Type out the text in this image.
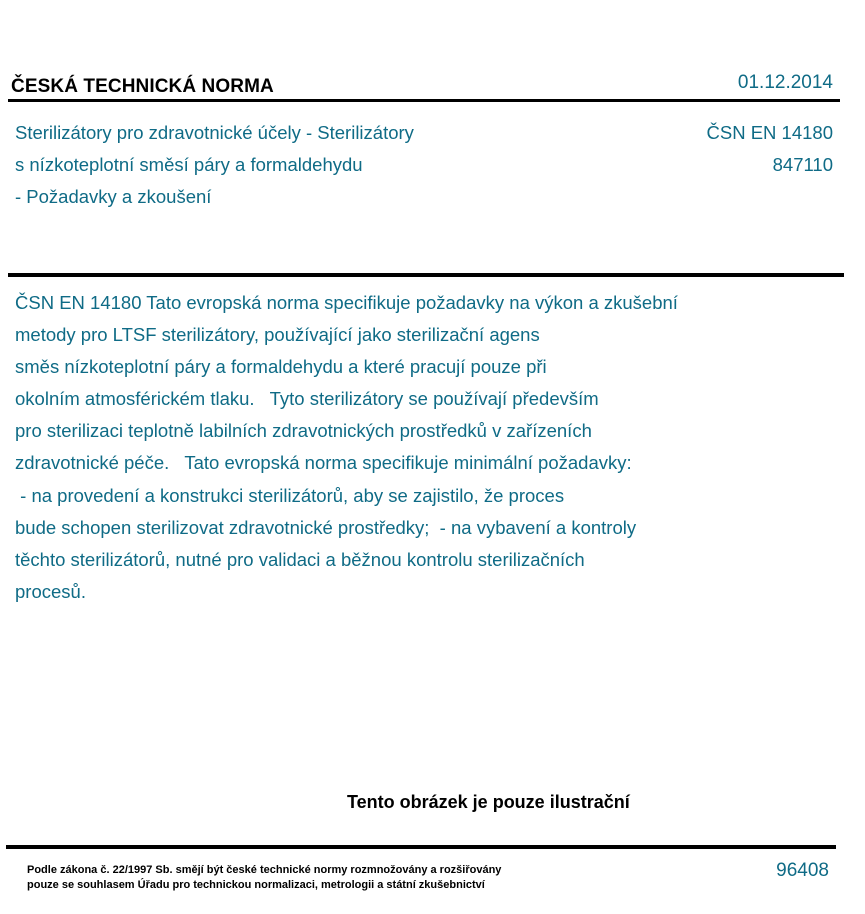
ČESKÁ TECHNICKÁ NORMA	01.12.2014
Sterilizátory pro zdravotnické účely - Sterilizátory
s nízkoteplotní směsí páry a formaldehydu
- Požadavky a zkoušení
ČSN EN 14180
847110
ČSN EN 14180 Tato evropská norma specifikuje požadavky na výkon a zkušební
metody pro LTSF sterilizátory, používající jako sterilizační agens
směs nízkoteplotní páry a formaldehydu a které pracují pouze při
okolním atmosférickém tlaku.   Tyto sterilizátory se používají především
pro sterilizaci teplotně labilních zdravotnických prostředků v zařízeních
zdravotnické péče.   Tato evropská norma specifikuje minimální požadavky:
- na provedení a konstrukci sterilizátorů, aby se zajistilo, že proces
bude schopen sterilizovat zdravotnické prostředky;  - na vybavení a kontroly
těchto sterilizátorů, nutné pro validaci a běžnou kontrolu sterilizačních
procesů.
Tento obrázek je pouze ilustrační
Podle zákona č. 22/1997 Sb. smějí být české technické normy rozmnožovány a rozšiřovány
pouze se souhlasem Úřadu pro technickou normalizaci, metrologii a státní zkušebnictví
96408
